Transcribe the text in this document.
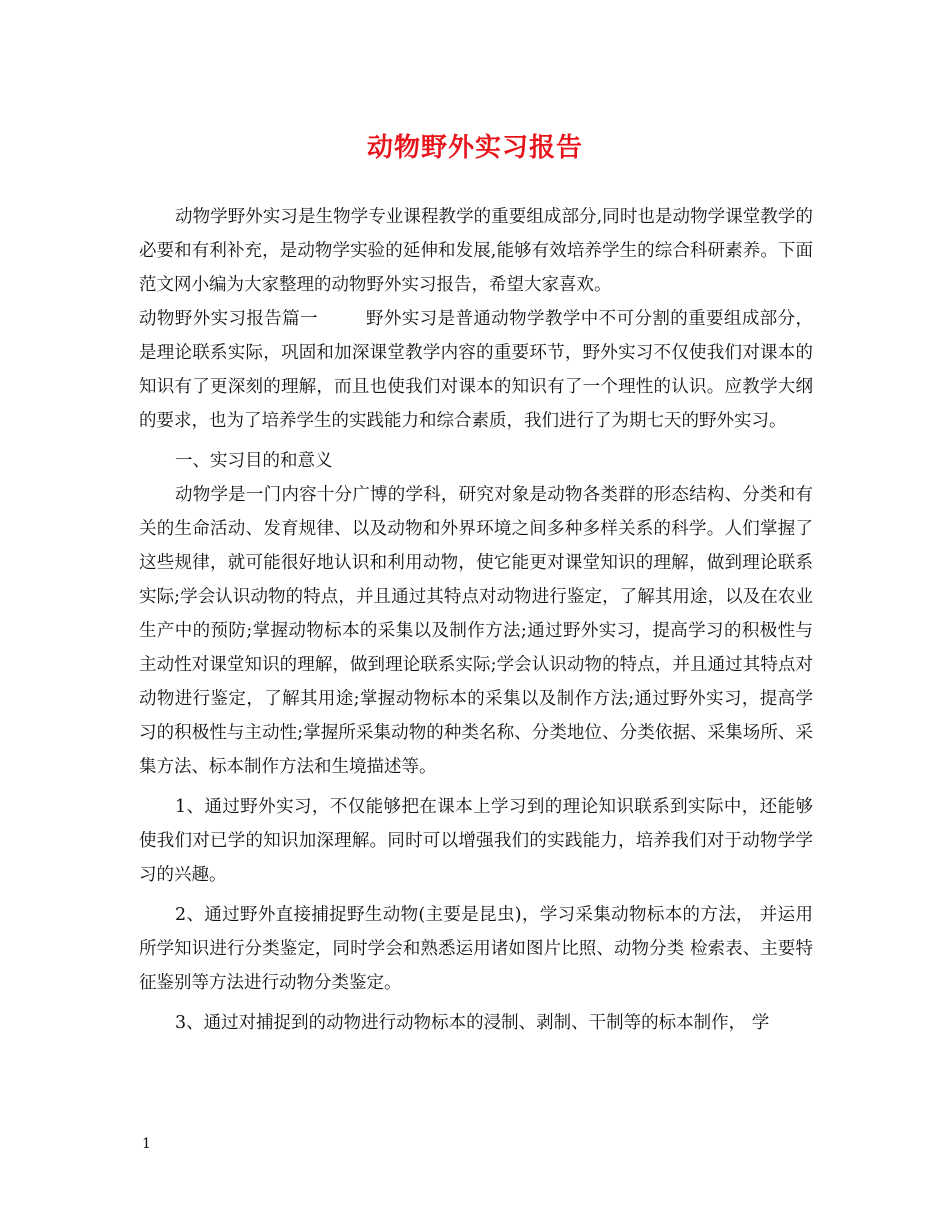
动物野外实习报告

动物学野外实习是生物学专业课程教学的重要组成部分,同时也是动物学课堂教学的必要和有利补充，是动物学实验的延伸和发展,能够有效培养学生的综合科研素养。下面范文网小编为大家整理的动物野外实习报告，希望大家喜欢。

动物野外实习报告篇一	野外实习是普通动物学教学中不可分割的重要组成部分，是理论联系实际，巩固和加深课堂教学内容的重要环节，野外实习不仅使我们对课本的知识有了更深刻的理解，而且也使我们对课本的知识有了一个理性的认识。应教学大纲的要求，也为了培养学生的实践能力和综合素质，我们进行了为期七天的野外实习。

一、实习目的和意义

动物学是一门内容十分广博的学科，研究对象是动物各类群的形态结构、分类和有关的生命活动、发育规律、以及动物和外界环境之间多种多样关系的科学。人们掌握了这些规律，就可能很好地认识和利用动物，使它能更对课堂知识的理解，做到理论联系实际;学会认识动物的特点，并且通过其特点对动物进行鉴定，了解其用途，以及在农业生产中的预防;掌握动物标本的采集以及制作方法;通过野外实习，提高学习的积极性与主动性对课堂知识的理解，做到理论联系实际;学会认识动物的特点，并且通过其特点对动物进行鉴定，了解其用途;掌握动物标本的采集以及制作方法;通过野外实习，提高学习的积极性与主动性;掌握所采集动物的种类名称、分类地位、分类依据、采集场所、采集方法、标本制作方法和生境描述等。

1、通过野外实习，不仅能够把在课本上学习到的理论知识联系到实际中，还能够使我们对已学的知识加深理解。同时可以增强我们的实践能力，培养我们对于动物学学习的兴趣。

2、通过野外直接捕捉野生动物(主要是昆虫)，学习采集动物标本的方法， 并运用所学知识进行分类鉴定，同时学会和熟悉运用诸如图片比照、动物分类 检索表、主要特征鉴别等方法进行动物分类鉴定。

3、通过对捕捉到的动物进行动物标本的浸制、剥制、干制等的标本制作， 学

1
